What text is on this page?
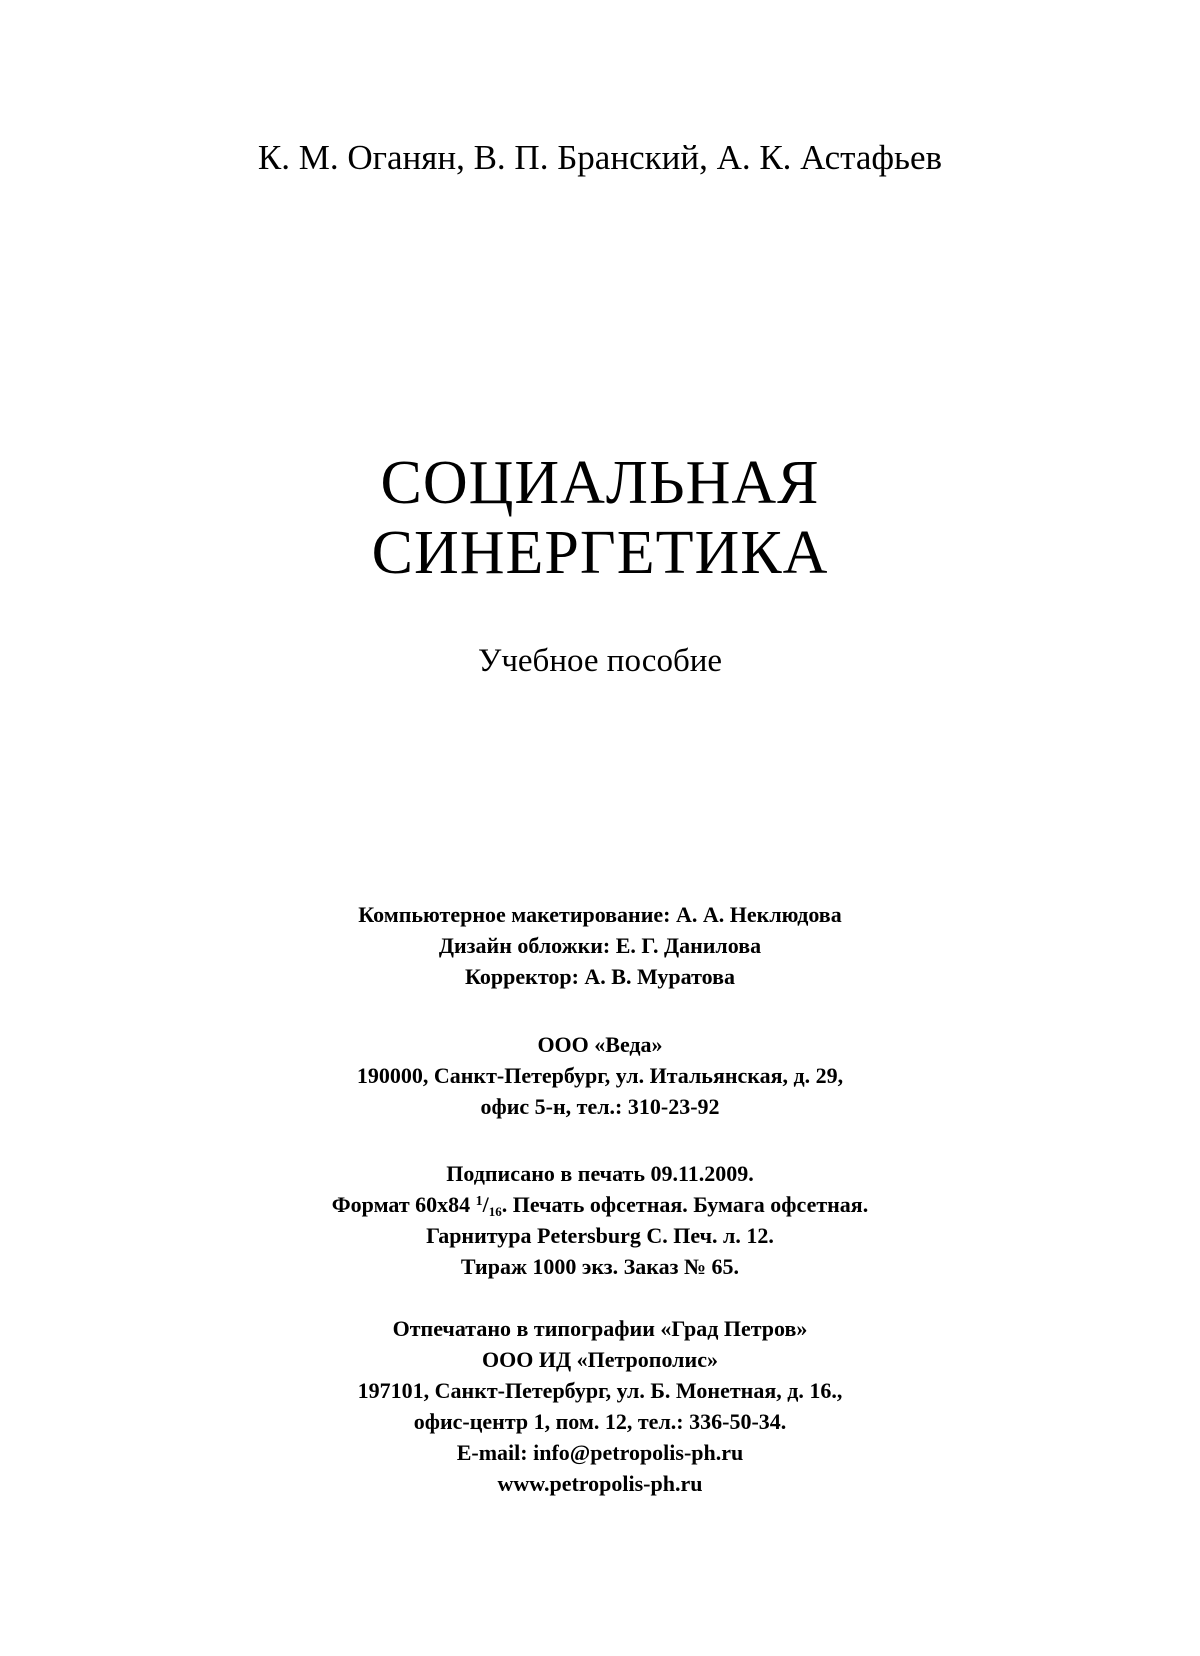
К. М. Оганян, В. П. Бранский, А. К. Астафьев
СОЦИАЛЬНАЯ
СИНЕРГЕТИКА
Учебное пособие
Компьютерное макетирование: А. А. Неклюдова
Дизайн обложки: Е. Г. Данилова
Корректор: А. В. Муратова
ООО «Веда»
190000, Санкт-Петербург, ул. Итальянская, д. 29,
офис 5-н, тел.: 310-23-92
Подписано в печать 09.11.2009.
Формат 60х84 $^1/_{16}$. Печать офсетная. Бумага офсетная.
Гарнитура Petersburg С. Печ. л. 12.
Тираж 1000 экз. Заказ № 65.
Отпечатано в типографии «Град Петров»
ООО ИД «Петрополис»
197101, Санкт-Петербург, ул. Б. Монетная, д. 16.,
офис-центр 1, пом. 12, тел.: 336-50-34.
E-mail: info@petropolis-ph.ru
www.petropolis-ph.ru
